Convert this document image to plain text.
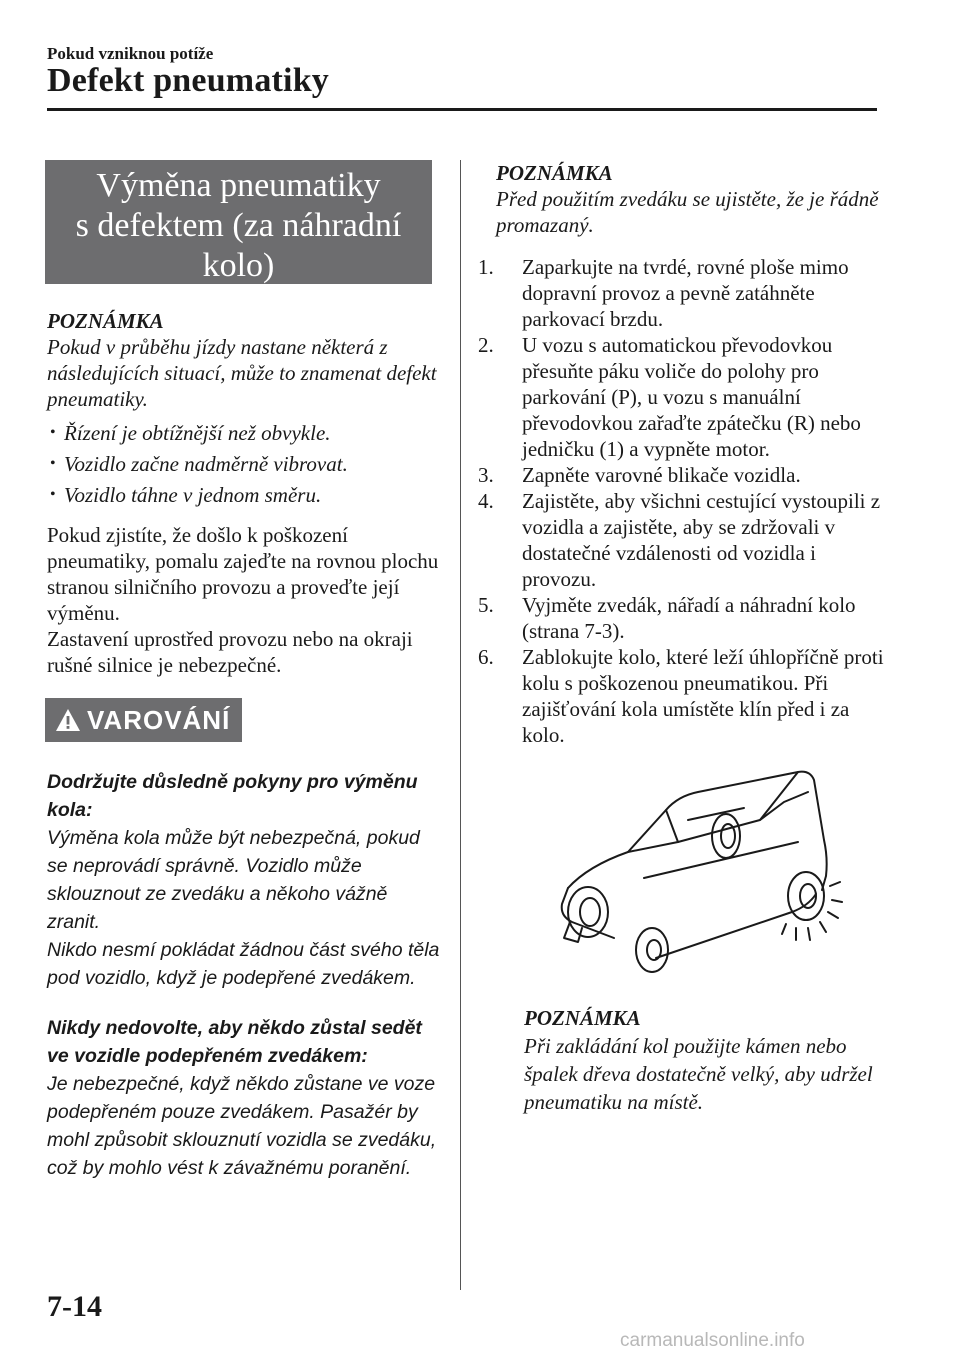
Pokud vzniknou potíže
Defekt pneumatiky
Výměna pneumatiky
s defektem (za náhradní
kolo)

POZNÁMKA

Pokud v průběhu jízdy nastane některá z následujících situací, může to znamenat defekt pneumatiky.

• Řízení je obtížnější než obvykle.
• Vozidlo začne nadměrně vibrovat.
• Vozidlo táhne v jednom směru.

Pokud zjistíte, že došlo k poškození pneumatiky, pomalu zajeďte na rovnou plochu stranou silničního provozu a proveďte její výměnu.

Zastavení uprostřed provozu nebo na okraji rušné silnice je nebezpečné.

VAROVÁNÍ

Dodržujte důsledně pokyny pro výměnu kola:

Výměna kola může být nebezpečná, pokud se neprovádí správně. Vozidlo může sklouznout ze zvedáku a někoho vážně zranit.

Nikdo nesmí pokládat žádnou část svého těla pod vozidlo, když je podepřené zvedákem.

Nikdy nedovolte, aby někdo zůstal sedět ve vozidle podepřeném zvedákem:

Je nebezpečné, když někdo zůstane ve voze podepřeném pouze zvedákem. Pasažér by mohl způsobit sklouznutí vozidla se zvedáku, což by mohlo vést k závažnému poranění.

POZNÁMKA

Před použitím zvedáku se ujistěte, že je řádně promazaný.

1. Zaparkujte na tvrdé, rovné ploše mimo dopravní provoz a pevně zatáhněte parkovací brzdu.
2. U vozu s automatickou převodovkou přesuňte páku voliče do polohy pro parkování (P), u vozu s manuální převodovkou zařaďte zpátečku (R) nebo jedničku (1) a vypněte motor.
3. Zapněte varovné blikače vozidla.
4. Zajistěte, aby všichni cestující vystoupili z vozidla a zajistěte, aby se zdržovali v dostatečné vzdálenosti od vozidla i provozu.
5. Vyjměte zvedák, nářadí a náhradní kolo (strana 7-3).
6. Zablokujte kolo, které leží úhlopříčně proti kolu s poškozenou pneumatikou. Při zajišťování kola umístěte klín před i za kolo.

POZNÁMKA

Při zakládání kol použijte kámen nebo špalek dřeva dostatečně velký, aby udržel pneumatiku na místě.

7-14
carmanualsonline.info
